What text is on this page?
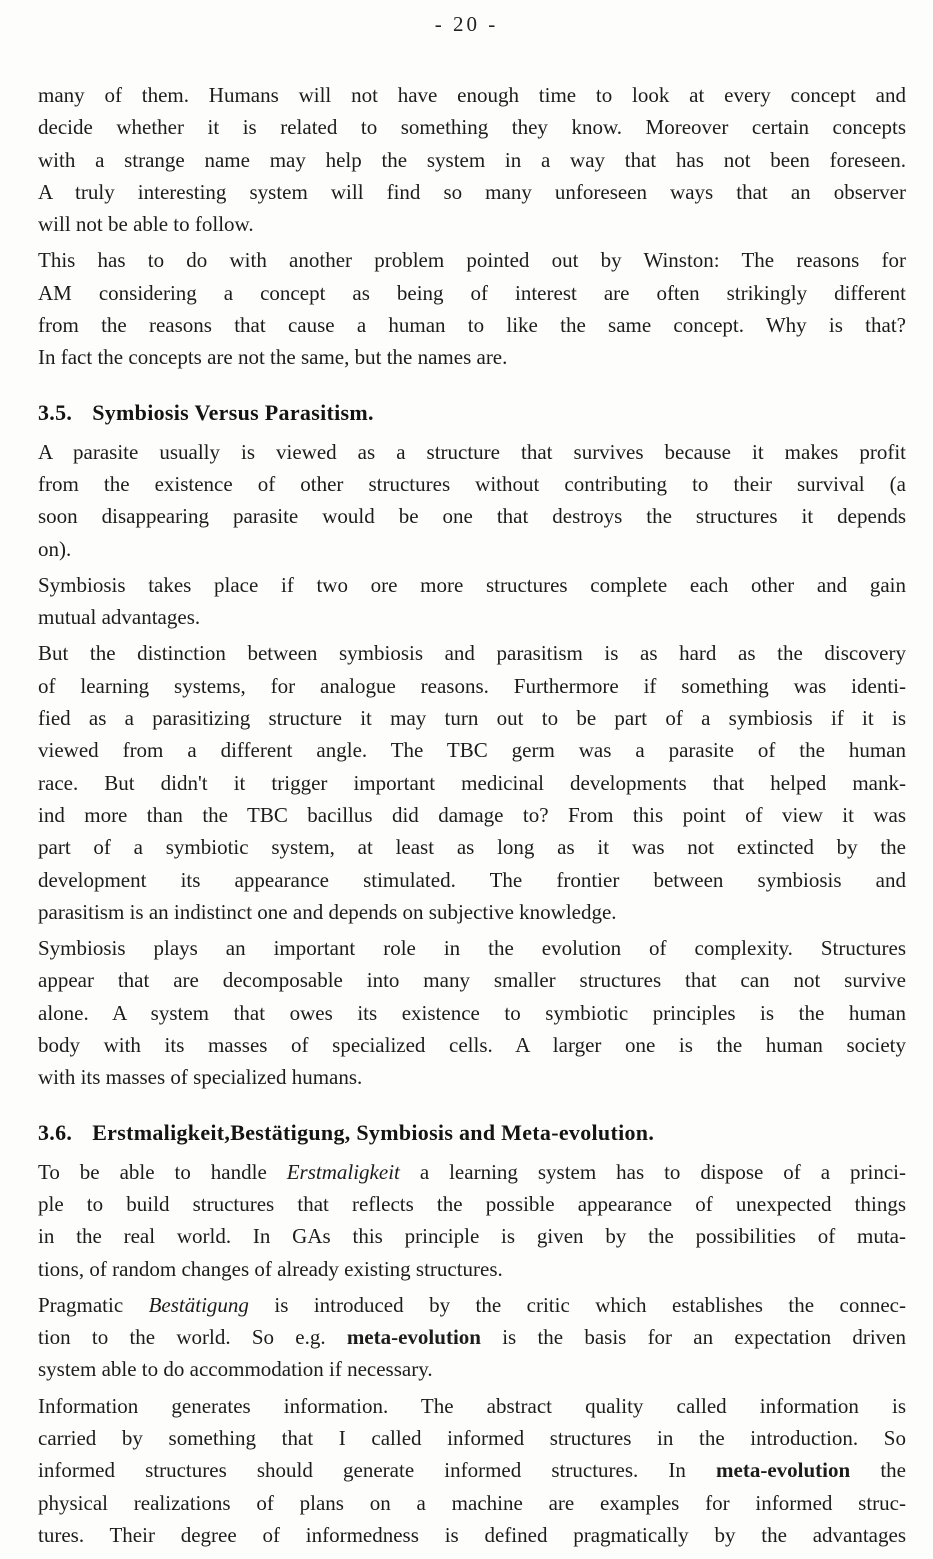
- 20 -
many of them. Humans will not have enough time to look at every concept and
decide whether it is related to something they know. Moreover certain concepts
with a strange name may help the system in a way that has not been foreseen.
A truly interesting system will find so many unforeseen ways that an observer
will not be able to follow.
This has to do with another problem pointed out by Winston: The reasons for
AM considering a concept as being of interest are often strikingly different
from the reasons that cause a human to like the same concept. Why is that?
In fact the concepts are not the same, but the names are.
3.5. Symbiosis Versus Parasitism.
A parasite usually is viewed as a structure that survives because it makes profit
from the existence of other structures without contributing to their survival (a
soon disappearing parasite would be one that destroys the structures it depends
on).
Symbiosis takes place if two ore more structures complete each other and gain
mutual advantages.
But the distinction between symbiosis and parasitism is as hard as the discovery
of learning systems, for analogue reasons. Furthermore if something was identi-
fied as a parasitizing structure it may turn out to be part of a symbiosis if it is
viewed from a different angle. The TBC germ was a parasite of the human
race. But didn't it trigger important medicinal developments that helped mank-
ind more than the TBC bacillus did damage to? From this point of view it was
part of a symbiotic system, at least as long as it was not extincted by the
development its appearance stimulated. The frontier between symbiosis and
parasitism is an indistinct one and depends on subjective knowledge.
Symbiosis plays an important role in the evolution of complexity. Structures
appear that are decomposable into many smaller structures that can not survive
alone. A system that owes its existence to symbiotic principles is the human
body with its masses of specialized cells. A larger one is the human society
with its masses of specialized humans.
3.6. Erstmaligkeit,Bestätigung, Symbiosis and Meta-evolution.
To be able to handle Erstmaligkeit a learning system has to dispose of a princi-
ple to build structures that reflects the possible appearance of unexpected things
in the real world. In GAs this principle is given by the possibilities of muta-
tions, of random changes of already existing structures.
Pragmatic Bestätigung is introduced by the critic which establishes the connec-
tion to the world. So e.g. meta-evolution is the basis for an expectation driven
system able to do accommodation if necessary.
Information generates information. The abstract quality called information is
carried by something that I called informed structures in the introduction. So
informed structures should generate informed structures. In meta-evolution the
physical realizations of plans on a machine are examples for informed struc-
tures. Their degree of informedness is defined pragmatically by the advantages
